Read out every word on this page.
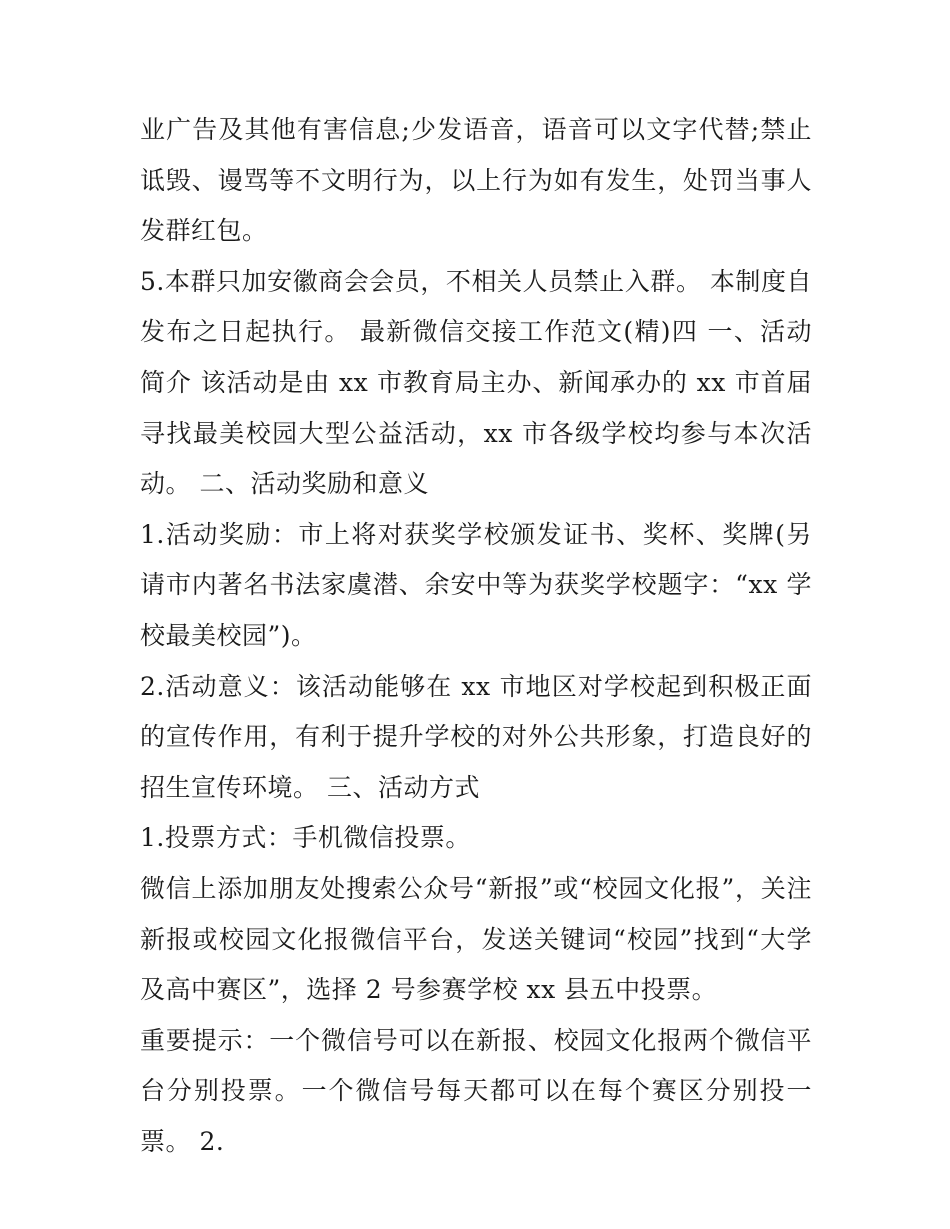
业广告及其他有害信息;少发语音，语音可以文字代替;禁止诋毁、谩骂等不文明行为，以上行为如有发生，处罚当事人发群红包。

5.本群只加安徽商会会员，不相关人员禁止入群。 本制度自发布之日起执行。 最新微信交接工作范文(精)四 一、活动简介 该活动是由 xx 市教育局主办、新闻承办的 xx 市首届寻找最美校园大型公益活动，xx 市各级学校均参与本次活动。 二、活动奖励和意义

1.活动奖励：市上将对获奖学校颁发证书、奖杯、奖牌(另请市内著名书法家虞潜、余安中等为获奖学校题字：“xx 学校最美校园”)。

2.活动意义：该活动能够在 xx 市地区对学校起到积极正面的宣传作用，有利于提升学校的对外公共形象，打造良好的招生宣传环境。 三、活动方式

1.投票方式：手机微信投票。

微信上添加朋友处搜索公众号“新报”或“校园文化报”，关注新报或校园文化报微信平台，发送关键词“校园”找到“大学及高中赛区”，选择 2 号参赛学校 xx 县五中投票。

重要提示：一个微信号可以在新报、校园文化报两个微信平台分别投票。一个微信号每天都可以在每个赛区分别投一票。 2.
